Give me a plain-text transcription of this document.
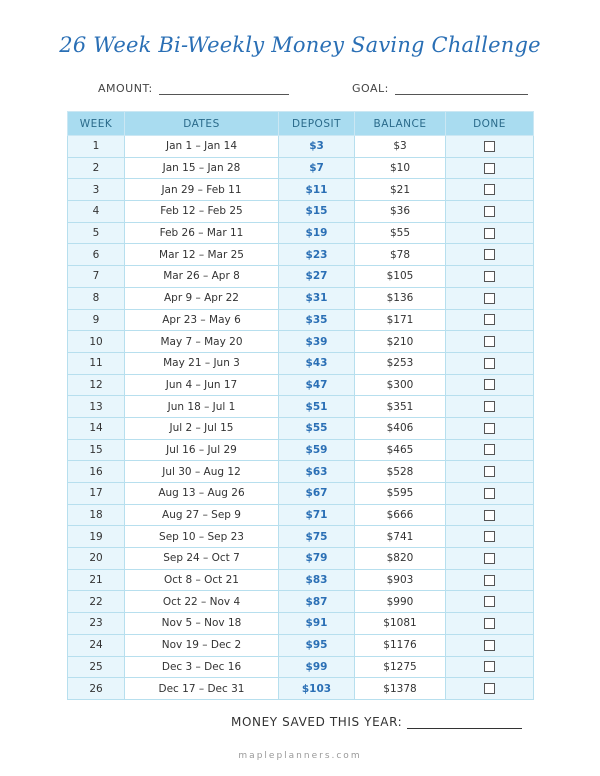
26 Week Bi-Weekly Money Saving Challenge
AMOUNT:	GOAL:
WEEK	DATES	DEPOSIT	BALANCE	DONE
1	Jan 1 – Jan 14	$3	$3	
2	Jan 15 – Jan 28	$7	$10	
3	Jan 29 – Feb 11	$11	$21	
4	Feb 12 – Feb 25	$15	$36	
5	Feb 26 – Mar 11	$19	$55	
6	Mar 12 – Mar 25	$23	$78	
7	Mar 26 – Apr 8	$27	$105	
8	Apr 9 – Apr 22	$31	$136	
9	Apr 23 – May 6	$35	$171	
10	May 7 – May 20	$39	$210	
11	May 21 – Jun 3	$43	$253	
12	Jun 4 – Jun 17	$47	$300	
13	Jun 18 – Jul 1	$51	$351	
14	Jul 2 – Jul 15	$55	$406	
15	Jul 16 – Jul 29	$59	$465	
16	Jul 30 – Aug 12	$63	$528	
17	Aug 13 – Aug 26	$67	$595	
18	Aug 27 – Sep 9	$71	$666	
19	Sep 10 – Sep 23	$75	$741	
20	Sep 24 – Oct 7	$79	$820	
21	Oct 8 – Oct 21	$83	$903	
22	Oct 22 – Nov 4	$87	$990	
23	Nov 5 – Nov 18	$91	$1081	
24	Nov 19 – Dec 2	$95	$1176	
25	Dec 3 – Dec 16	$99	$1275	
26	Dec 17 – Dec 31	$103	$1378	
MONEY SAVED THIS YEAR:
mapleplanners.com
